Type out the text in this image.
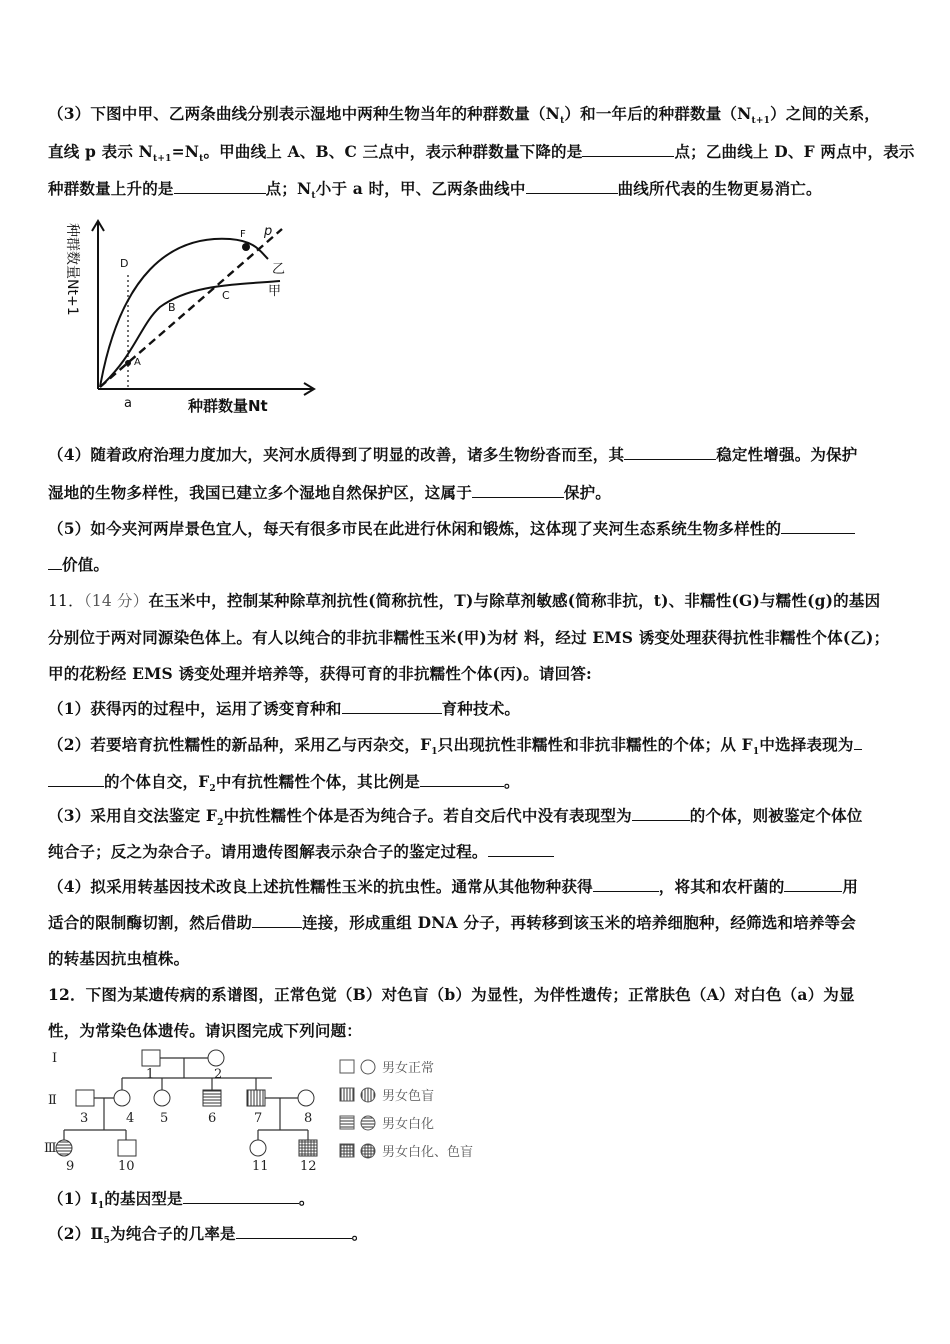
（3）下图中甲、乙两条曲线分别表示湿地中两种生物当年的种群数量$(N_t)$和一年后的种群数量$(N_{t+1})$之间的关系，
直线 p 表示 $N_{t+1}=N_t$。甲曲线上 A、B、C 三点中，表示种群数量下降的是	点；乙曲线上 D、F 两点中，表示
种群数量上升的是	点；$N_t$小于 a 时，甲、乙两条曲线中	曲线所代表的生物更易消亡。
种群数量Nt+1
种群数量Nt
a
A
B
C
D
F p
乙
甲
（4）随着政府治理力度加大，夹河水质得到了明显的改善，诸多生物纷沓而至，其	稳定性增强。为保护
湿地的生物多样性，我国已建立多个湿地自然保护区，这属于	保护。
（5）如今夹河两岸景色宜人，每天有很多市民在此进行休闲和锻炼，这体现了夹河生态系统生物多样性的
价值。
11．（14 分）在玉米中，控制某种除草剂抗性(简称抗性，T)与除草剂敏感(简称非抗，t)、非糯性(G)与糯性(g)的基因
分别位于两对同源染色体上。有人以纯合的非抗非糯性玉米(甲)为材 料，经过 EMS 诱变处理获得抗性非糯性个体(乙)；
甲的花粉经 EMS 诱变处理并培养等，获得可育的非抗糯性个体(丙)。请回答:
（1）获得丙的过程中，运用了诱变育种和	育种技术。
（2）若要培育抗性糯性的新品种，采用乙与丙杂交，$F_1$只出现抗性非糯性和非抗非糯性的个体；从 $F_1$中选择表现为
的个体自交，$F_2$中有抗性糯性个体，其比例是	。
（3）采用自交法鉴定 $F_2$中抗性糯性个体是否为纯合子。若自交后代中没有表现型为	的个体，则被鉴定个体位
纯合子；反之为杂合子。请用遗传图解表示杂合子的鉴定过程。
（4）拟采用转基因技术改良上述抗性糯性玉米的抗虫性。通常从其他物种获得	，将其和农杆菌的	用
适合的限制酶切割，然后借助	连接，形成重组 DNA 分子，再转移到该玉米的培养细胞种，经筛选和培养等会
的转基因抗虫植株。
12．下图为某遗传病的系谱图，正常色觉（B）对色盲（b）为显性，为伴性遗传；正常肤色（A）对白色（a）为显
性，为常染色体遗传。请识图完成下列问题：
Ⅰ
Ⅱ
Ⅲ
1	2
3	4 5	6	7	8
9	10	11 12
男女正常
男女色盲
男女白化
男女白化、色盲
$(1)Ⅰ_1$的基因型是	。
$(2)Ⅱ_5$为纯合子的几率是	。
